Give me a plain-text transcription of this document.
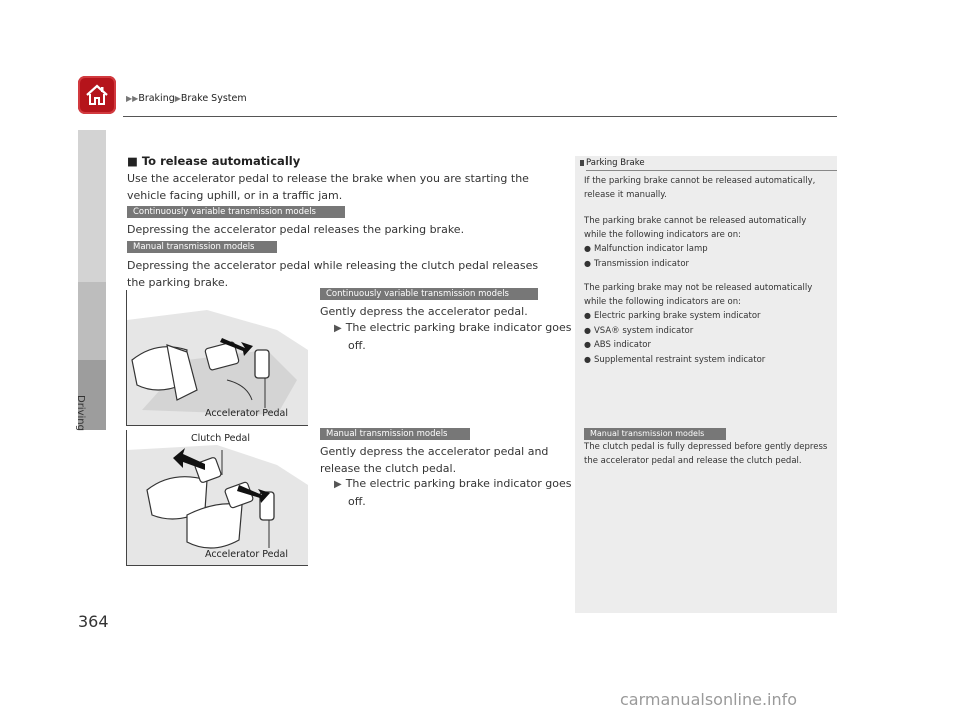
▶▶Braking▶Brake System
Driving
364
■ To release automatically
Use the accelerator pedal to release the brake when you are starting the vehicle facing uphill, or in a traffic jam.
Continuously variable transmission models
Depressing the accelerator pedal releases the parking brake.
Manual transmission models
Depressing the accelerator pedal while releasing the clutch pedal releases the parking brake.
Accelerator Pedal
Continuously variable transmission models
Gently depress the accelerator pedal.
▶ The electric parking brake indicator goes off.
Clutch Pedal
Accelerator Pedal
Manual transmission models
Gently depress the accelerator pedal and release the clutch pedal.
▶ The electric parking brake indicator goes off.
Parking Brake
If the parking brake cannot be released automatically, release it manually.
The parking brake cannot be released automatically while the following indicators are on:
● Malfunction indicator lamp
● Transmission indicator
The parking brake may not be released automatically while the following indicators are on:
● Electric parking brake system indicator
● VSA® system indicator
● ABS indicator
● Supplemental restraint system indicator
Manual transmission models
The clutch pedal is fully depressed before gently depress the accelerator pedal and release the clutch pedal.
carmanualsonline.info
